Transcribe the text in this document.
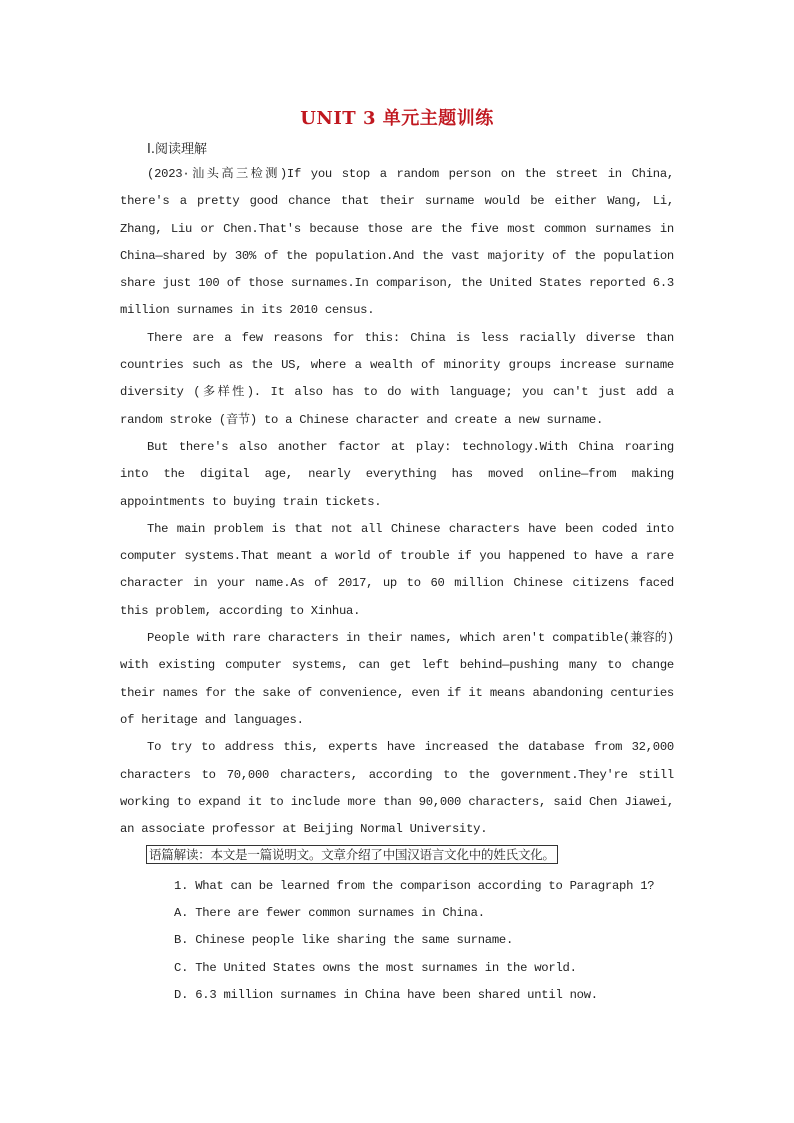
UNIT 3 单元主题训练
Ⅰ.阅读理解

(2023·汕头高三检测)If you stop a random person on the street in China, there's a pretty good chance that their surname would be either Wang, Li, Zhang, Liu or Chen.That's because those are the five most common surnames in China—shared by 30% of the population.And the vast majority of the population share just 100 of those surnames.In comparison, the United States reported 6.3 million surnames in its 2010 census.

There are a few reasons for this: China is less racially diverse than countries such as the US, where a wealth of minority groups increase surname diversity (多样性). It also has to do with language; you can't just add a random stroke (音节) to a Chinese character and create a new surname.

But there's also another factor at play: technology.With China roaring into the digital age, nearly everything has moved online—from making appointments to buying train tickets.

The main problem is that not all Chinese characters have been coded into computer systems.That meant a world of trouble if you happened to have a rare character in your name.As of 2017, up to 60 million Chinese citizens faced this problem, according to Xinhua.

People with rare characters in their names, which aren't compatible(兼容的) with existing computer systems, can get left behind—pushing many to change their names for the sake of convenience, even if it means abandoning centuries of heritage and languages.

To try to address this, experts have increased the database from 32,000 characters to 70,000 characters, according to the government.They're still working to expand it to include more than 90,000 characters, said Chen Jiawei, an associate professor at Beijing Normal University.

语篇解读：本文是一篇说明文。文章介绍了中国汉语言文化中的姓氏文化。

1. What can be learned from the comparison according to Paragraph 1?

A. There are fewer common surnames in China.

B. Chinese people like sharing the same surname.

C. The United States owns the most surnames in the world.

D. 6.3 million surnames in China have been shared until now.
